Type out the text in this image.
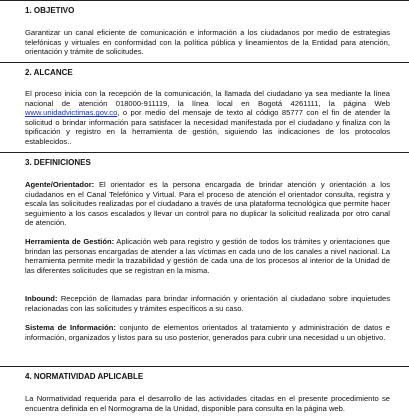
1. OBJETIVO
Garantizar un canal eficiente de comunicación e información a los ciudadanos por medio de estrategias telefónicas y virtuales en conformidad con la política pública y lineamientos de la Entidad para atención, orientación y trámite de solicitudes.
2. ALCANCE
El proceso inicia con la recepción de la comunicación, la llamada del ciudadano ya sea mediante la línea nacional de atención 018000-911119, la línea local en Bogotá 4261111, la página Web www.unidadvictimas.gov.co, o por medio del mensaje de texto al código 85777 con el fin de atender la solicitud o brindar información para satisfacer la necesidad manifestada por el ciudadano y finaliza con la tipificación y registro en la herramienta de gestión, siguiendo las indicaciones de los protocolos establecidos..
3. DEFINICIONES
Agente/Orientador: El orientador es la persona encargada de brindar atención y orientación a los ciudadanos en el Canal Telefónico y Virtual. Para el proceso de atención el orientador consulta, registra y escala las solicitudes realizadas por el ciudadano a través de una plataforma tecnológica que permite hacer seguimiento a los casos escalados y llevar un control para no duplicar la solicitud realizada por otro canal de atención.
Herramienta de Gestión: Aplicación web para registro y gestión de todos los trámites y orientaciones que brindan las personas encargadas de atender a las víctimas en cada uno de los canales a nivel nacional. La herramienta permite medir la trazabilidad y gestión de cada una de los procesos al interior de la Unidad de las diferentes solicitudes que se registran en la misma.
Inbound: Recepción de llamadas para brindar información y orientación al ciudadano sobre inquietudes relacionadas con las solicitudes y trámites específicos a su caso.
Sistema de Información: conjunto de elementos orientados al tratamiento y administración de datos e información, organizados y listos para su uso posterior, generados para cubrir una necesidad u un objetivo.
4. NORMATIVIDAD APLICABLE
La Normatividad requerida para el desarrollo de las actividades citadas en el presente procedimiento se encuentra definida en el Normograma de la Unidad, disponible para consulta en la página web.
